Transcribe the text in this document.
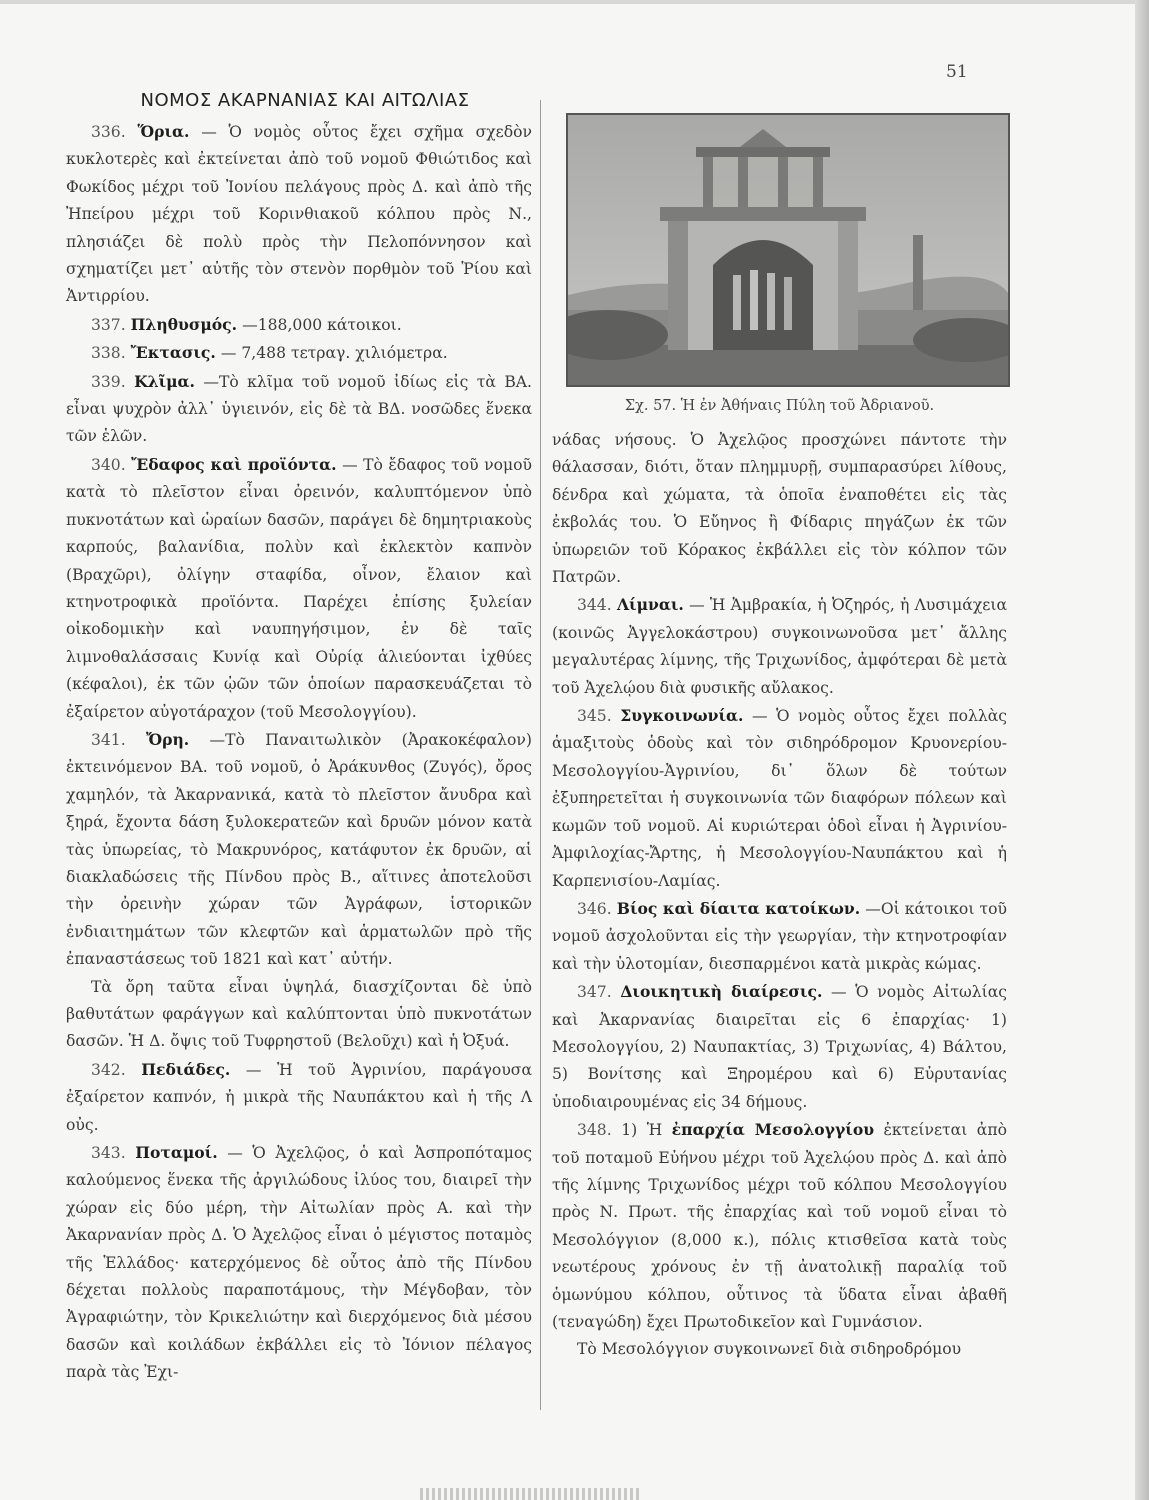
51
ΝΟΜΟΣ ΑΚΑΡΝΑΝΙΑΣ ΚΑΙ ΑΙΤΩΛΙΑΣ

336. Ὅρια. — Ὁ νομὸς οὗτος ἔχει σχῆμα σχεδὸν κυκλοτερὲς καὶ ἐκτείνεται ἀπὸ τοῦ νομοῦ Φθιώτιδος καὶ Φωκίδος μέχρι τοῦ Ἰονίου πελάγους πρὸς Δ. καὶ ἀπὸ τῆς Ἠπείρου μέχρι τοῦ Κορινθιακοῦ κόλπου πρὸς Ν., πλησιάζει δὲ πολὺ πρὸς τὴν Πελοπόννησον καὶ σχηματίζει μετ᾽ αὐτῆς τὸν στενὸν πορθμὸν τοῦ Ῥίου καὶ Ἀντιρρίου.

337. Πληθυσμός. —188,000 κάτοικοι.

338. Ἔκτασις. — 7,488 τετραγ. χιλιόμετρα.

339. Κλῖμα. —Τὸ κλῖμα τοῦ νομοῦ ἰδίως εἰς τὰ ΒΑ. εἶναι ψυχρὸν ἀλλ᾽ ὑγιεινόν, εἰς δὲ τὰ ΒΔ. νοσῶδες ἕνεκα τῶν ἑλῶν.

340. Ἔδαφος καὶ προϊόντα. — Τὸ ἔδαφος τοῦ νομοῦ κατὰ τὸ πλεῖστον εἶναι ὀρεινόν, καλυπτόμενον ὑπὸ πυκνοτάτων καὶ ὡραίων δασῶν, παράγει δὲ δημητριακοὺς καρπούς, βαλανίδια, πολὺν καὶ ἐκλεκτὸν καπνὸν (Βραχῶρι), ὀλίγην σταφίδα, οἶνον, ἔλαιον καὶ κτηνοτροφικὰ προϊόντα. Παρέχει ἐπίσης ξυλείαν οἰκοδομικὴν καὶ ναυπηγήσιμον, ἐν δὲ ταῖς λιμνοθαλάσσαις Κυνίᾳ καὶ Οὐρίᾳ ἁλιεύονται ἰχθύες (κέφαλοι), ἐκ τῶν ᾠῶν τῶν ὁποίων παρασκευάζεται τὸ ἐξαίρετον αὐγοτάραχον (τοῦ Μεσολογγίου).

341. Ὄρη. —Τὸ Παναιτωλικὸν (Ἀρακοκέφαλον) ἐκτεινόμενον ΒΑ. τοῦ νομοῦ, ὁ Ἀράκυνθος (Ζυγός), ὄρος χαμηλόν, τὰ Ἀκαρνανικά, κατὰ τὸ πλεῖστον ἄνυδρα καὶ ξηρά, ἔχοντα δάση ξυλοκερατεῶν καὶ δρυῶν μόνον κατὰ τὰς ὑπωρείας, τὸ Μακρυνόρος, κατάφυτον ἐκ δρυῶν, αἱ διακλαδώσεις τῆς Πίνδου πρὸς Β., αἵτινες ἀποτελοῦσι τὴν ὀρεινὴν χώραν τῶν Ἀγράφων, ἱστορικῶν ἐνδιαιτημάτων τῶν κλεφτῶν καὶ ἁρματωλῶν πρὸ τῆς ἐπαναστάσεως τοῦ 1821 καὶ κατ᾽ αὐτήν.

Τὰ ὄρη ταῦτα εἶναι ὑψηλά, διασχίζονται δὲ ὑπὸ βαθυτάτων φαράγγων καὶ καλύπτονται ὑπὸ πυκνοτάτων δασῶν. Ἡ Δ. ὄψις τοῦ Τυφρηστοῦ (Βελοῦχι) καὶ ἡ Ὀξυά.

342. Πεδιάδες. — Ἡ τοῦ Ἀγρινίου, παράγουσα ἐξαίρετον καπνόν, ἡ μικρὰ τῆς Ναυπάκτου καὶ ἡ τῆς Λ οὐς.

343. Ποταμοί. — Ὁ Ἀχελῷος, ὁ καὶ Ἀσπροπόταμος καλούμενος ἕνεκα τῆς ἀργιλώδους ἰλύος του, διαιρεῖ τὴν χώραν εἰς δύο μέρη, τὴν Αἰτωλίαν πρὸς Α. καὶ τὴν Ἀκαρνανίαν πρὸς Δ. Ὁ Ἀχελῷος εἶναι ὁ μέγιστος ποταμὸς τῆς Ἑλλάδος· κατερχόμενος δὲ οὗτος ἀπὸ τῆς Πίνδου δέχεται πολλοὺς παραποτάμους, τὴν Μέγδοβαν, τὸν Ἀγραφιώτην, τὸν Κρικελιώτην καὶ διερχόμενος διὰ μέσου δασῶν καὶ κοιλάδων ἐκβάλλει εἰς τὸ Ἰόνιον πέλαγος παρὰ τὰς Ἐχι-

Σχ. 57. Ἡ ἐν Ἀθήναις Πύλη τοῦ Ἀδριανοῦ.

νάδας νήσους. Ὁ Ἀχελῷος προσχώνει πάντοτε τὴν θάλασσαν, διότι, ὅταν πλημμυρῇ, συμπαρασύρει λίθους, δένδρα καὶ χώματα, τὰ ὁποῖα ἐναποθέτει εἰς τὰς ἐκβολάς του. Ὁ Εὔηνος ἢ Φίδαρις πηγάζων ἐκ τῶν ὑπωρειῶν τοῦ Κόρακος ἐκβάλλει εἰς τὸν κόλπον τῶν Πατρῶν.

344. Λίμναι. — Ἡ Ἀμβρακία, ἡ Ὀζηρός, ἡ Λυσιμάχεια (κοινῶς Ἀγγελοκάστρου) συγκοινωνοῦσα μετ᾽ ἄλλης μεγαλυτέρας λίμνης, τῆς Τριχωνίδος, ἀμφότεραι δὲ μετὰ τοῦ Ἀχελῴου διὰ φυσικῆς αὔλακος.

345. Συγκοινωνία. — Ὁ νομὸς οὗτος ἔχει πολλὰς ἁμαξιτοὺς ὁδοὺς καὶ τὸν σιδηρόδρομον Κρυονερίου-Μεσολογγίου-Ἀγρινίου, δι᾽ ὅλων δὲ τούτων ἐξυπηρετεῖται ἡ συγκοινωνία τῶν διαφόρων πόλεων καὶ κωμῶν τοῦ νομοῦ. Αἱ κυριώτεραι ὁδοὶ εἶναι ἡ Ἀγρινίου-Ἀμφιλοχίας-Ἄρτης, ἡ Μεσολογγίου-Ναυπάκτου καὶ ἡ Καρπενισίου-Λαμίας.

346. Βίος καὶ δίαιτα κατοίκων. —Οἱ κάτοικοι τοῦ νομοῦ ἀσχολοῦνται εἰς τὴν γεωργίαν, τὴν κτηνοτροφίαν καὶ τὴν ὑλοτομίαν, διεσπαρμένοι κατὰ μικρὰς κώμας.

347. Διοικητικὴ διαίρεσις. — Ὁ νομὸς Αἰτωλίας καὶ Ἀκαρνανίας διαιρεῖται εἰς 6 ἐπαρχίας· 1) Μεσολογγίου, 2) Ναυπακτίας, 3) Τριχωνίας, 4) Βάλτου, 5) Βονίτσης καὶ Ξηρομέρου καὶ 6) Εὐρυτανίας ὑποδιαιρουμένας εἰς 34 δήμους.

348. 1) Ἡ ἐπαρχία Μεσολογγίου ἐκτείνεται ἀπὸ τοῦ ποταμοῦ Εὐήνου μέχρι τοῦ Ἀχελῴου πρὸς Δ. καὶ ἀπὸ τῆς λίμνης Τριχωνίδος μέχρι τοῦ κόλπου Μεσολογγίου πρὸς Ν. Πρωτ. τῆς ἐπαρχίας καὶ τοῦ νομοῦ εἶναι τὸ Μεσολόγγιον (8,000 κ.), πόλις κτισθεῖσα κατὰ τοὺς νεωτέρους χρόνους ἐν τῇ ἀνατολικῇ παραλίᾳ τοῦ ὁμωνύμου κόλπου, οὗτινος τὰ ὕδατα εἶναι ἀβαθῆ (τεναγώδη) ἔχει Πρωτοδικεῖον καὶ Γυμνάσιον.

Τὸ Μεσολόγγιον συγκοινωνεῖ διὰ σιδηροδρόμου
